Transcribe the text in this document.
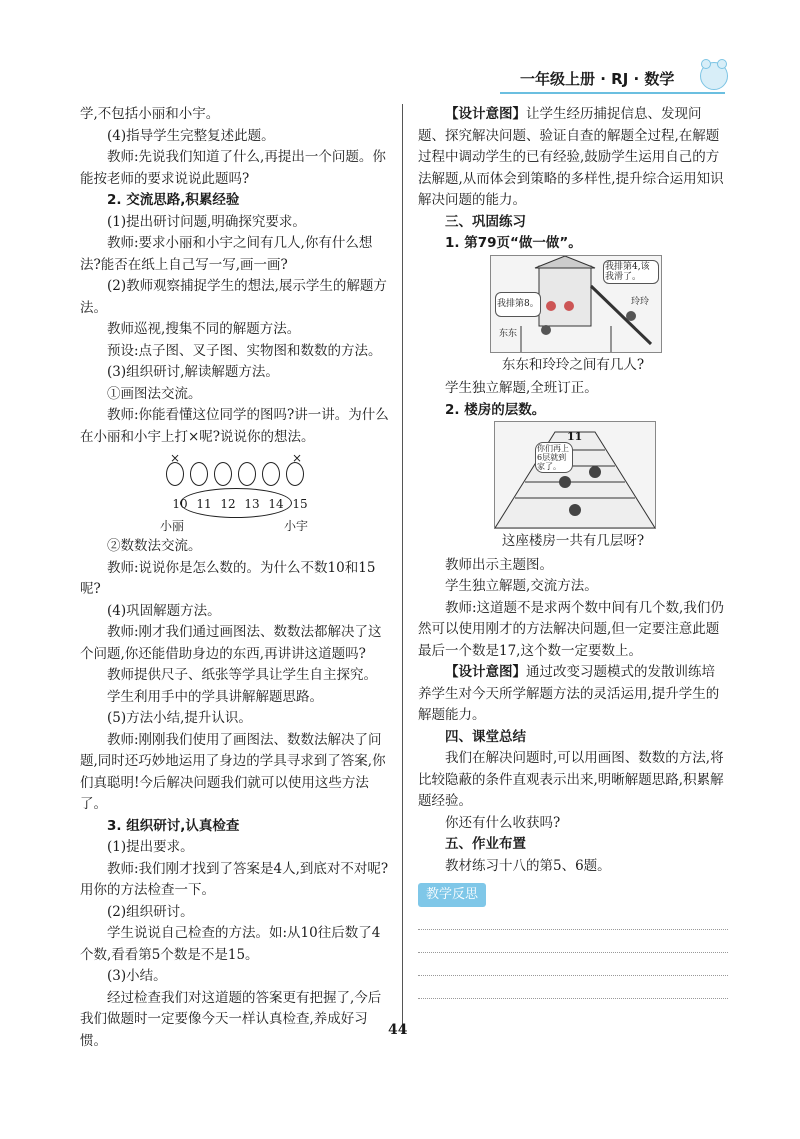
一年级上册 · RJ · 数学

学,不包括小丽和小宇。

(4)指导学生完整复述此题。

教师:先说我们知道了什么,再提出一个问题。你能按老师的要求说说此题吗?

2. 交流思路,积累经验

(1)提出研讨问题,明确探究要求。

教师:要求小丽和小宇之间有几人,你有什么想法?能否在纸上自己写一写,画一画?

(2)教师观察捕捉学生的想法,展示学生的解题方法。

教师巡视,搜集不同的解题方法。

预设:点子图、叉子图、实物图和数数的方法。

(3)组织研讨,解读解题方法。

①画图法交流。

教师:你能看懂这位同学的图吗?讲一讲。为什么在小丽和小宇上打×呢?说说你的想法。

×	×
10 11 12 13 14 15
小丽	小宇

②数数法交流。

教师:说说你是怎么数的。为什么不数10和15呢?

(4)巩固解题方法。

教师:刚才我们通过画图法、数数法都解决了这个问题,你还能借助身边的东西,再讲讲这道题吗?

教师提供尺子、纸张等学具让学生自主探究。

学生利用手中的学具讲解解题思路。

(5)方法小结,提升认识。

教师:刚刚我们使用了画图法、数数法解决了问题,同时还巧妙地运用了身边的学具寻求到了答案,你们真聪明!今后解决问题我们就可以使用这些方法了。

3. 组织研讨,认真检查

(1)提出要求。

教师:我们刚才找到了答案是4人,到底对不对呢?用你的方法检查一下。

(2)组织研讨。

学生说说自己检查的方法。如:从10往后数了4个数,看看第5个数是不是15。

(3)小结。

经过检查我们对这道题的答案更有把握了,今后我们做题时一定要像今天一样认真检查,养成好习惯。

【设计意图】让学生经历捕捉信息、发现问题、探究解决问题、验证自查的解题全过程,在解题过程中调动学生的已有经验,鼓励学生运用自己的方法解题,从而体会到策略的多样性,提升综合运用知识解决问题的能力。

三、巩固练习

1. 第79页“做一做”。

我排第4,该我滑了。
我排第8。	玲玲
东东

东东和玲玲之间有几人?

学生独立解题,全班订正。

2. 楼房的层数。

11
你们再上6层就到家了。

这座楼房一共有几层呀?

教师出示主题图。

学生独立解题,交流方法。

教师:这道题不是求两个数中间有几个数,我们仍然可以使用刚才的方法解决问题,但一定要注意此题最后一个数是17,这个数一定要数上。

【设计意图】通过改变习题模式的发散训练培养学生对今天所学解题方法的灵活运用,提升学生的解题能力。

四、课堂总结

我们在解决问题时,可以用画图、数数的方法,将比较隐蔽的条件直观表示出来,明晰解题思路,积累解题经验。

你还有什么收获吗?

五、作业布置

教材练习十八的第5、6题。

教学反思
44
